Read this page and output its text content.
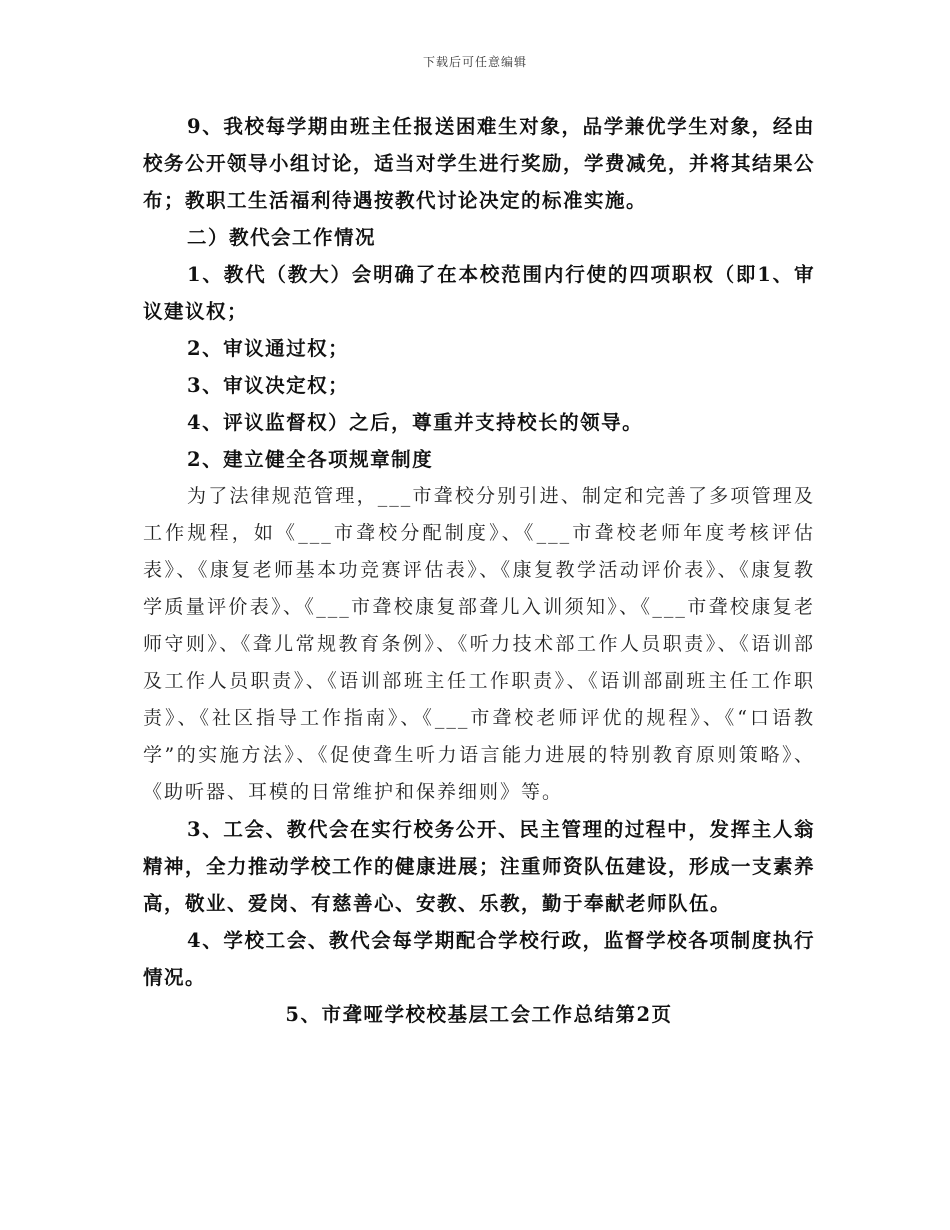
下载后可任意编辑

9、我校每学期由班主任报送困难生对象，品学兼优学生对象，经由校务公开领导小组讨论，适当对学生进行奖励，学费减免，并将其结果公布；教职工生活福利待遇按教代讨论决定的标准实施。

二）教代会工作情况

1、教代（教大）会明确了在本校范围内行使的四项职权（即1、审议建议权；

2、审议通过权；

3、审议决定权；

4、评议监督权）之后，尊重并支持校长的领导。

2、建立健全各项规章制度

为了法律规范管理，___市聋校分别引进、制定和完善了多项管理及工作规程，如《___市聋校分配制度》、《___市聋校老师年度考核评估表》、《康复老师基本功竞赛评估表》、《康复教学活动评价表》、《康复教学质量评价表》、《___市聋校康复部聋儿入训须知》、《___市聋校康复老师守则》、《聋儿常规教育条例》、《听力技术部工作人员职责》、《语训部及工作人员职责》、《语训部班主任工作职责》、《语训部副班主任工作职责》、《社区指导工作指南》、《___市聋校老师评优的规程》、《“口语教学”的实施方法》、《促使聋生听力语言能力进展的特别教育原则策略》、《助听器、耳模的日常维护和保养细则》等。

3、工会、教代会在实行校务公开、民主管理的过程中，发挥主人翁精神，全力推动学校工作的健康进展；注重师资队伍建设，形成一支素养高，敬业、爱岗、有慈善心、安教、乐教，勤于奉献老师队伍。

4、学校工会、教代会每学期配合学校行政，监督学校各项制度执行情况。

5、市聋哑学校校基层工会工作总结第2页
